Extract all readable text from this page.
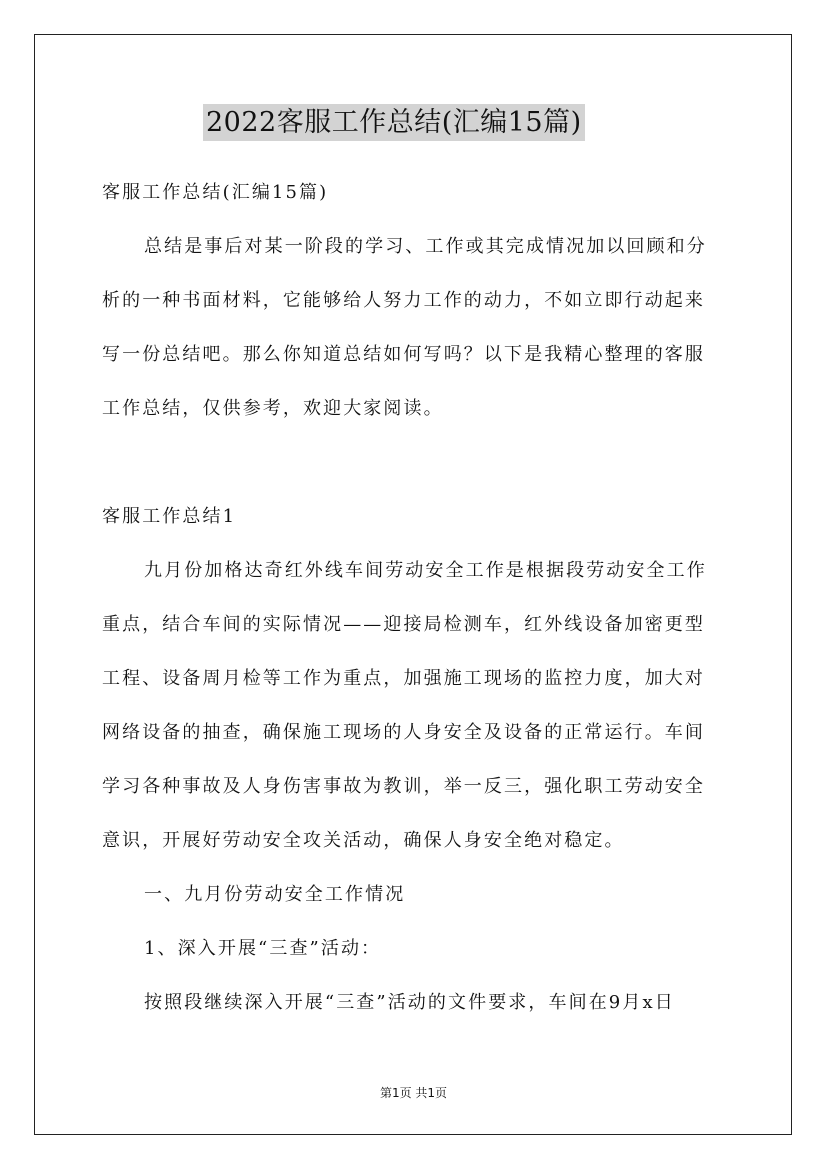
2022客服工作总结(汇编15篇)
客服工作总结(汇编15篇)
总结是事后对某一阶段的学习、工作或其完成情况加以回顾和分
析的一种书面材料，它能够给人努力工作的动力，不如立即行动起来
写一份总结吧。那么你知道总结如何写吗？以下是我精心整理的客服
工作总结，仅供参考，欢迎大家阅读。
客服工作总结1
九月份加格达奇红外线车间劳动安全工作是根据段劳动安全工作
重点，结合车间的实际情况——迎接局检测车，红外线设备加密更型
工程、设备周月检等工作为重点，加强施工现场的监控力度，加大对
网络设备的抽查，确保施工现场的人身安全及设备的正常运行。车间
学习各种事故及人身伤害事故为教训，举一反三，强化职工劳动安全
意识，开展好劳动安全攻关活动，确保人身安全绝对稳定。
一、九月份劳动安全工作情况
1、深入开展“三查”活动：
按照段继续深入开展“三查”活动的文件要求，车间在9月x日
第1页 共1页
